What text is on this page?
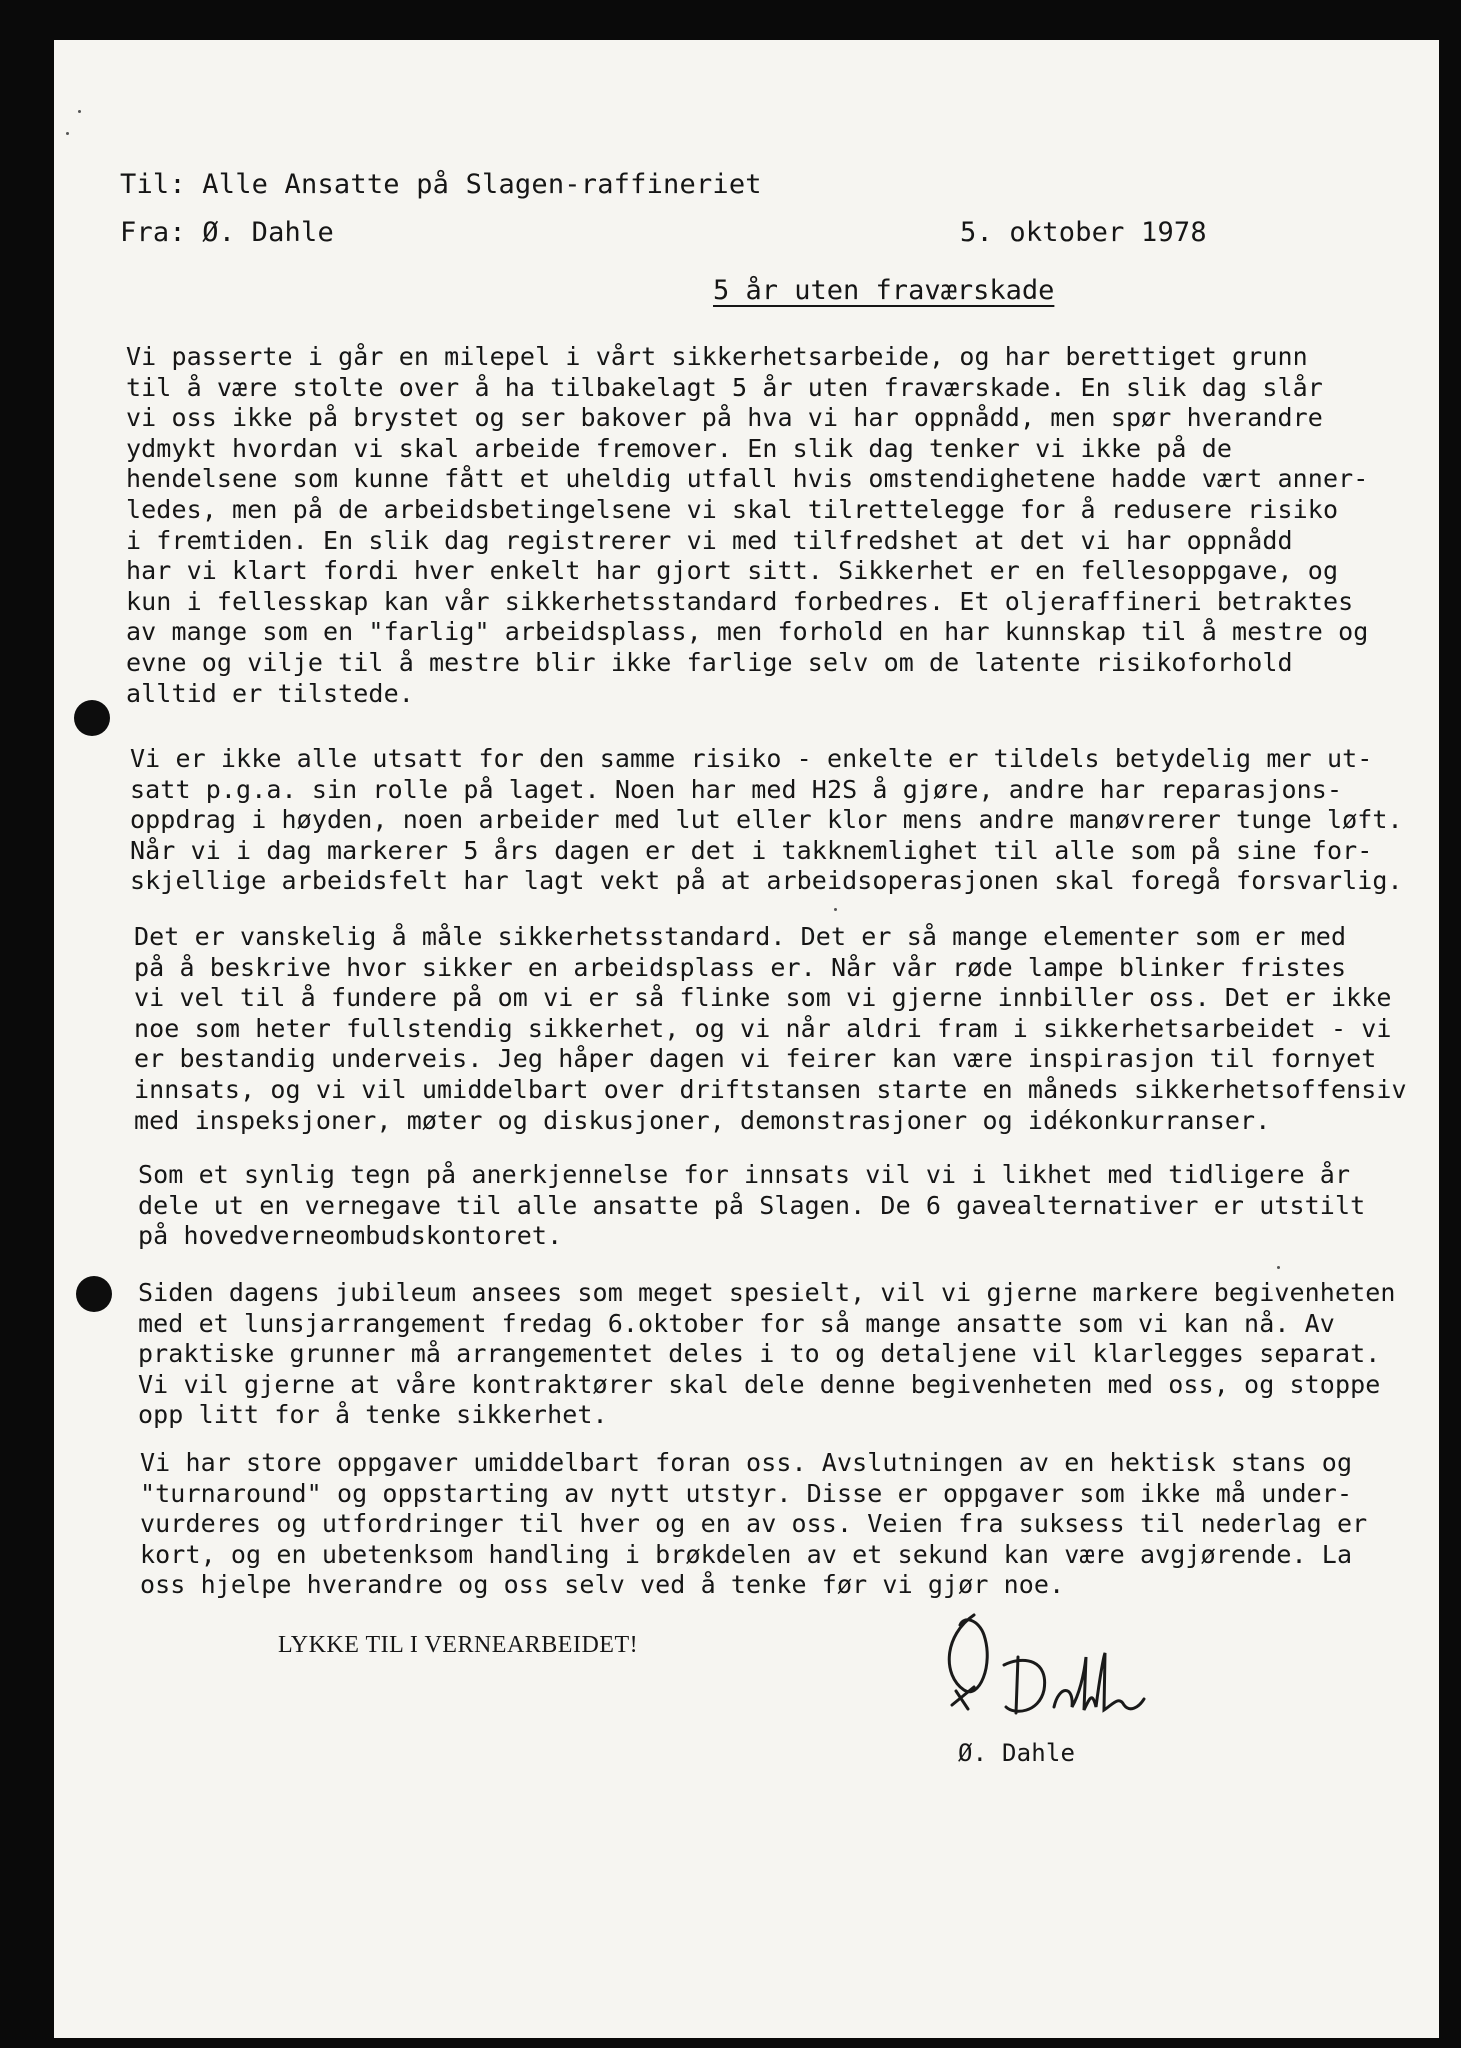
Til: Alle Ansatte på Slagen-raffineriet
Fra: Ø. Dahle	5. oktober 1978
5 år uten fraværskade
Vi passerte i går en milepel i vårt sikkerhetsarbeide, og har berettiget grunn
til å være stolte over å ha tilbakelagt 5 år uten fraværskade. En slik dag slår
vi oss ikke på brystet og ser bakover på hva vi har oppnådd, men spør hverandre
ydmykt hvordan vi skal arbeide fremover. En slik dag tenker vi ikke på de
hendelsene som kunne fått et uheldig utfall hvis omstendighetene hadde vært anner-
ledes, men på de arbeidsbetingelsene vi skal tilrettelegge for å redusere risiko
i fremtiden. En slik dag registrerer vi med tilfredshet at det vi har oppnådd
har vi klart fordi hver enkelt har gjort sitt. Sikkerhet er en fellesoppgave, og
kun i fellesskap kan vår sikkerhetsstandard forbedres. Et oljeraffineri betraktes
av mange som en "farlig" arbeidsplass, men forhold en har kunnskap til å mestre og
evne og vilje til å mestre blir ikke farlige selv om de latente risikoforhold
alltid er tilstede.
Vi er ikke alle utsatt for den samme risiko - enkelte er tildels betydelig mer ut-
satt p.g.a. sin rolle på laget. Noen har med H2S å gjøre, andre har reparasjons-
oppdrag i høyden, noen arbeider med lut eller klor mens andre manøvrerer tunge løft.
Når vi i dag markerer 5 års dagen er det i takknemlighet til alle som på sine for-
skjellige arbeidsfelt har lagt vekt på at arbeidsoperasjonen skal foregå forsvarlig.
Det er vanskelig å måle sikkerhetsstandard. Det er så mange elementer som er med
på å beskrive hvor sikker en arbeidsplass er. Når vår røde lampe blinker fristes
vi vel til å fundere på om vi er så flinke som vi gjerne innbiller oss. Det er ikke
noe som heter fullstendig sikkerhet, og vi når aldri fram i sikkerhetsarbeidet - vi
er bestandig underveis. Jeg håper dagen vi feirer kan være inspirasjon til fornyet
innsats, og vi vil umiddelbart over driftstansen starte en måneds sikkerhetsoffensiv
med inspeksjoner, møter og diskusjoner, demonstrasjoner og idékonkurranser.
Som et synlig tegn på anerkjennelse for innsats vil vi i likhet med tidligere år
dele ut en vernegave til alle ansatte på Slagen. De 6 gavealternativer er utstilt
på hovedverneombudskontoret.
Siden dagens jubileum ansees som meget spesielt, vil vi gjerne markere begivenheten
med et lunsjarrangement fredag 6.oktober for så mange ansatte som vi kan nå. Av
praktiske grunner må arrangementet deles i to og detaljene vil klarlegges separat.
Vi vil gjerne at våre kontraktører skal dele denne begivenheten med oss, og stoppe
opp litt for å tenke sikkerhet.
Vi har store oppgaver umiddelbart foran oss. Avslutningen av en hektisk stans og
"turnaround" og oppstarting av nytt utstyr. Disse er oppgaver som ikke må under-
vurderes og utfordringer til hver og en av oss. Veien fra suksess til nederlag er
kort, og en ubetenksom handling i brøkdelen av et sekund kan være avgjørende. La
oss hjelpe hverandre og oss selv ved å tenke før vi gjør noe.
LYKKE TIL I VERNEARBEIDET!
Ø. Dahle
